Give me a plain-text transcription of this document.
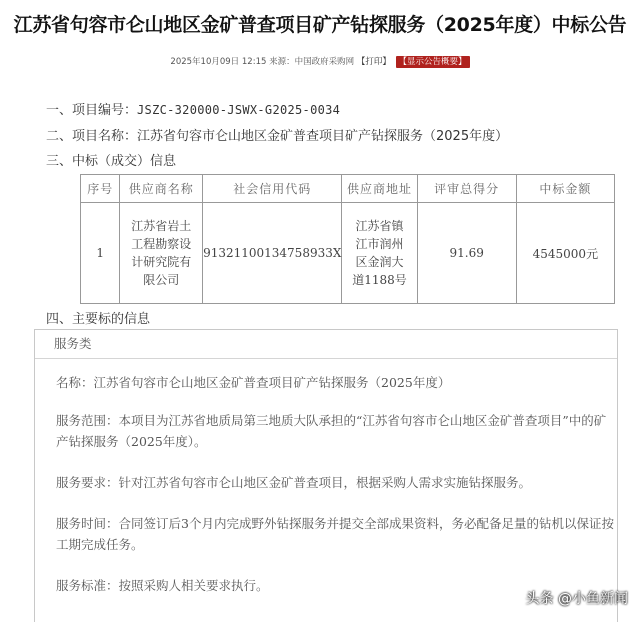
江苏省句容市仑山地区金矿普查项目矿产钻探服务（2025年度）中标公告
2025年10月09日 12:15 来源：中国政府采购网 【打印】 【显示公告概要】
一、项目编号：JSZC-320000-JSWX-G2025-0034
二、项目名称：江苏省句容市仑山地区金矿普查项目矿产钻探服务（2025年度）
三、中标（成交）信息
序号	供应商名称	社会信用代码	供应商地址	评审总得分	中标金额
1	江苏省岩土工程勘察设计研究院有限公司	91321100134758933X	江苏省镇江市润州区金润大道1188号	91.69	4545000元
四、主要标的信息
服务类
名称：江苏省句容市仑山地区金矿普查项目矿产钻探服务（2025年度）
服务范围：本项目为江苏省地质局第三地质大队承担的“江苏省句容市仑山地区金矿普查项目”中的矿产钻探服务（2025年度）。
服务要求：针对江苏省句容市仑山地区金矿普查项目，根据采购人需求实施钻探服务。
服务时间：合同签订后3个月内完成野外钻探服务并提交全部成果资料，务必配备足量的钻机以保证按工期完成任务。
服务标准：按照采购人相关要求执行。
头条 @小鱼新闻
